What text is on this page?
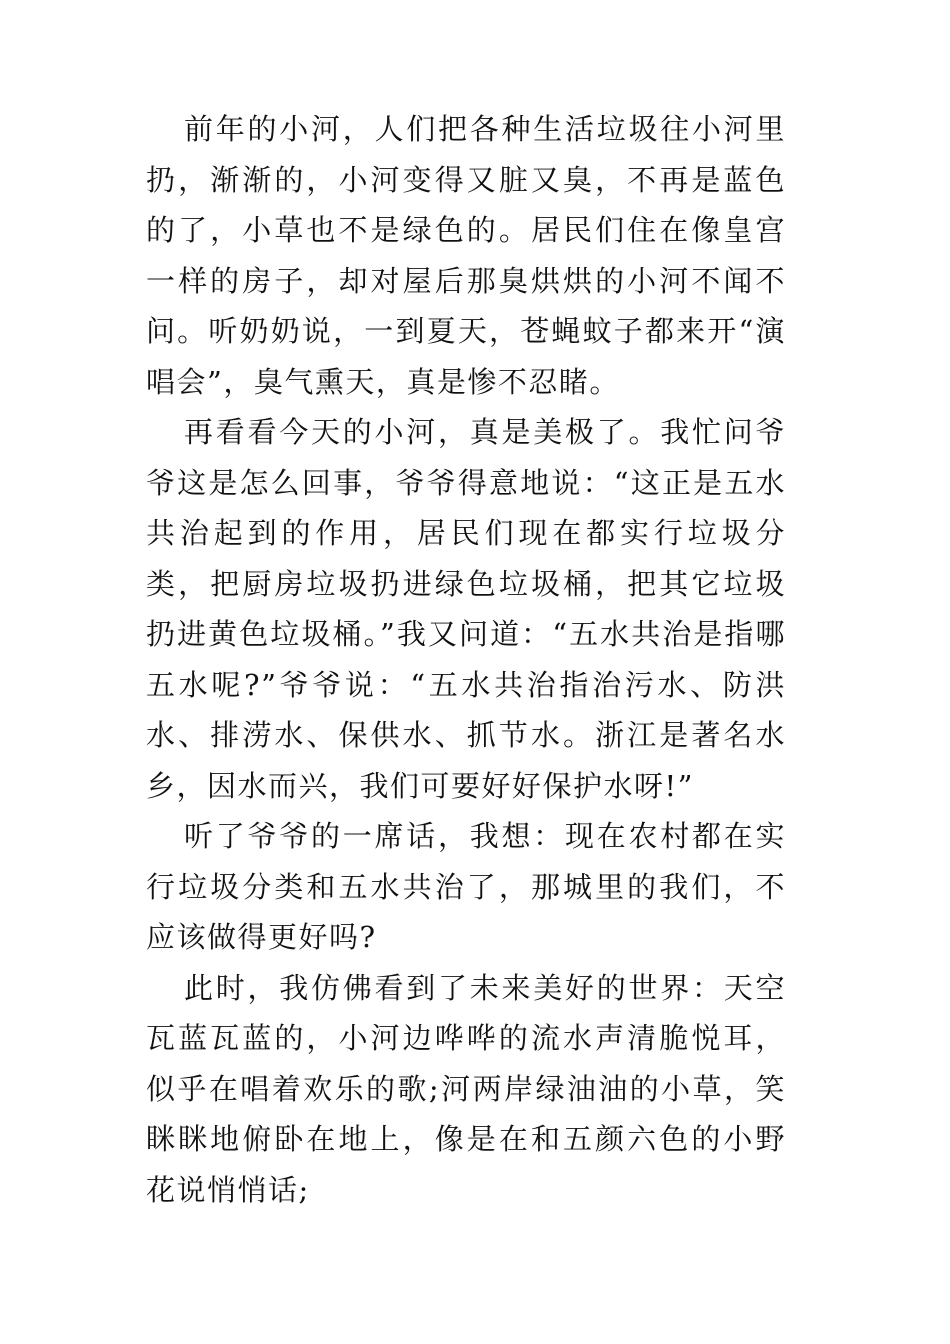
前年的小河，人们把各种生活垃圾往小河里扔，渐渐的，小河变得又脏又臭，不再是蓝色的了，小草也不是绿色的。居民们住在像皇宫一样的房子，却对屋后那臭烘烘的小河不闻不问。听奶奶说，一到夏天，苍蝇蚊子都来开“演唱会”，臭气熏天，真是惨不忍睹。

再看看今天的小河，真是美极了。我忙问爷爷这是怎么回事，爷爷得意地说：“这正是五水共治起到的作用，居民们现在都实行垃圾分类，把厨房垃圾扔进绿色垃圾桶，把其它垃圾扔进黄色垃圾桶。”我又问道：“五水共治是指哪五水呢?”爷爷说：“五水共治指治污水、防洪水、排涝水、保供水、抓节水。浙江是著名水乡，因水而兴，我们可要好好保护水呀!”

听了爷爷的一席话，我想：现在农村都在实行垃圾分类和五水共治了，那城里的我们，不应该做得更好吗?

此时，我仿佛看到了未来美好的世界：天空瓦蓝瓦蓝的，小河边哗哗的流水声清脆悦耳，似乎在唱着欢乐的歌;河两岸绿油油的小草，笑眯眯地俯卧在地上，像是在和五颜六色的小野花说悄悄话;
